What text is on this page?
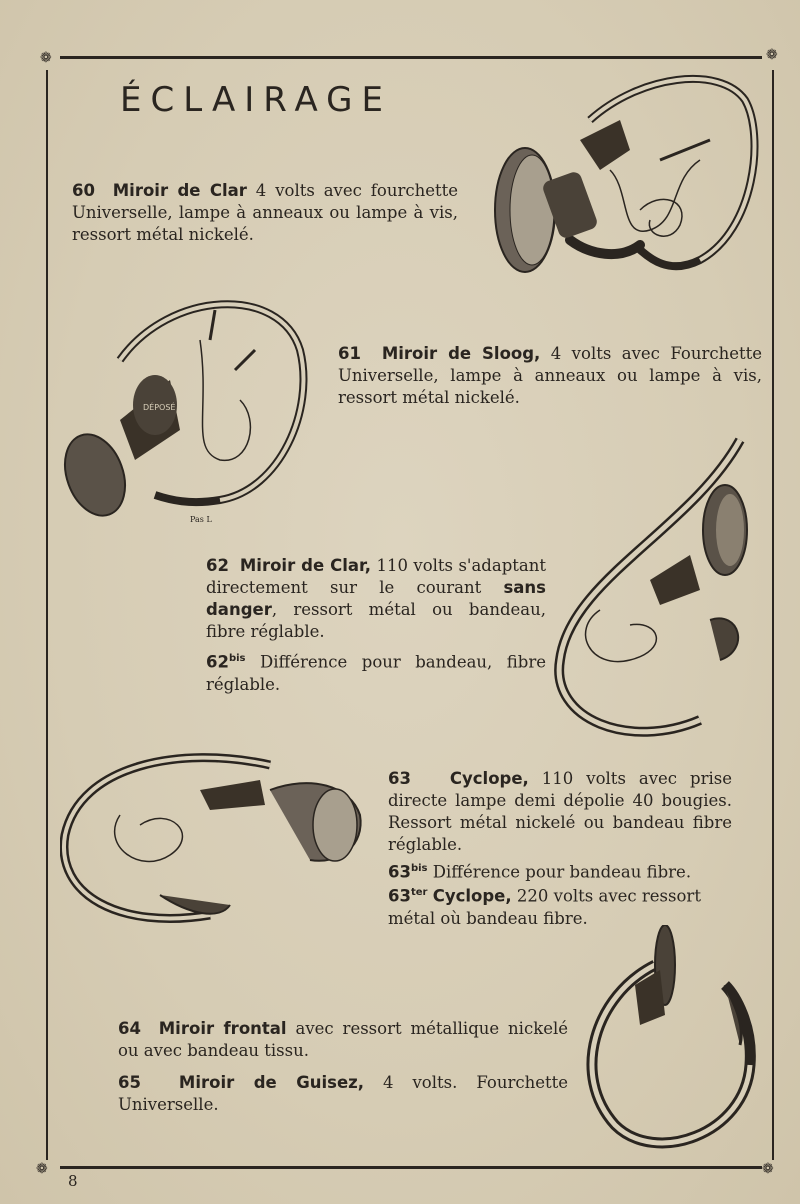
❁	❁
❁	❁
ÉCLAIRAGE
60 Miroir de Clar 4 volts avec fourchette Universelle, lampe à anneaux ou lampe à vis, ressort métal nickelé.
61 Miroir de Sloog, 4 volts avec Fourchette Universelle, lampe à anneaux ou lampe à vis, ressort métal nickelé.
62 Miroir de Clar, 110 volts s'adaptant directement sur le courant sans danger, ressort métal ou bandeau, fibre réglable.
$62^{bis}$ Différence pour bandeau, fibre réglable.
63 Cyclope, 110 volts avec prise directe lampe demi dépolie 40 bougies. Ressort métal nickelé ou bandeau fibre réglable.
$63^{bis}$ Différence pour bandeau fibre.
$63^{ter}$ Cyclope, 220 volts avec ressort métal où bandeau fibre.
64 Miroir frontal avec ressort métallique nickelé ou avec bandeau tissu.
65 Miroir de Guisez, 4 volts. Fourchette Universelle.
DÉPOSÉ
Pas L
8
